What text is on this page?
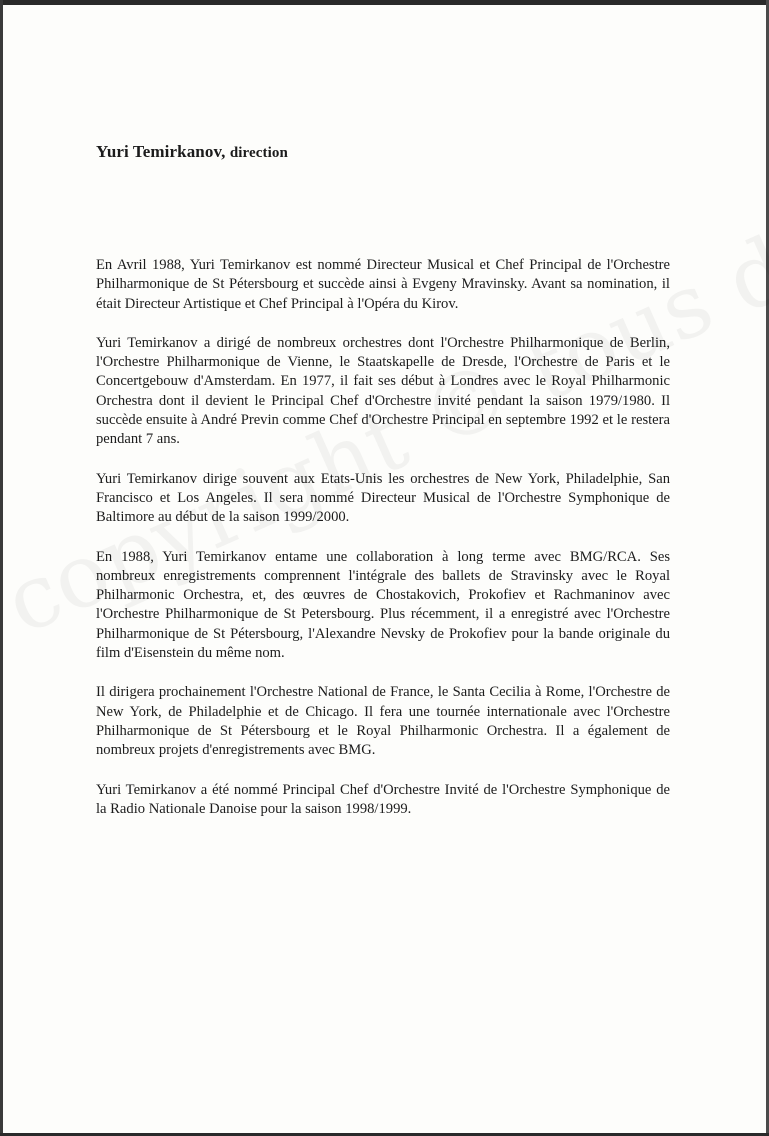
Yuri Temirkanov, direction

En Avril 1988, Yuri Temirkanov est nommé Directeur Musical et Chef Principal de l'Orchestre Philharmonique de St Pétersbourg et succède ainsi à Evgeny Mravinsky. Avant sa nomination, il était Directeur Artistique et Chef Principal à l'Opéra du Kirov.

Yuri Temirkanov a dirigé de nombreux orchestres dont l'Orchestre Philharmonique de Berlin, l'Orchestre Philharmonique de Vienne, le Staatskapelle de Dresde, l'Orchestre de Paris et le Concertgebouw d'Amsterdam. En 1977, il fait ses début à Londres avec le Royal Philharmonic Orchestra dont il devient le Principal Chef d'Orchestre invité pendant la saison 1979/1980. Il succède ensuite à André Previn comme Chef d'Orchestre Principal en septembre 1992 et le restera pendant 7 ans.

Yuri Temirkanov dirige souvent aux Etats-Unis les orchestres de New York, Philadelphie, San Francisco et Los Angeles. Il sera nommé Directeur Musical de l'Orchestre Symphonique de Baltimore au début de la saison 1999/2000.

En 1988, Yuri Temirkanov entame une collaboration à long terme avec BMG/RCA. Ses nombreux enregistrements comprennent l'intégrale des ballets de Stravinsky avec le Royal Philharmonic Orchestra, et, des œuvres de Chostakovich, Prokofiev et Rachmaninov avec l'Orchestre Philharmonique de St Petersbourg. Plus récemment, il a enregistré avec l'Orchestre Philharmonique de St Pétersbourg, l'Alexandre Nevsky de Prokofiev pour la bande originale du film d'Eisenstein du même nom.

Il dirigera prochainement l'Orchestre National de France, le Santa Cecilia à Rome, l'Orchestre de New York, de Philadelphie et de Chicago. Il fera une tournée internationale avec l'Orchestre Philharmonique de St Pétersbourg et le Royal Philharmonic Orchestra. Il a également de nombreux projets d'enregistrements avec BMG.

Yuri Temirkanov a été nommé Principal Chef d'Orchestre Invité de l'Orchestre Symphonique de la Radio Nationale Danoise pour la saison 1998/1999.
